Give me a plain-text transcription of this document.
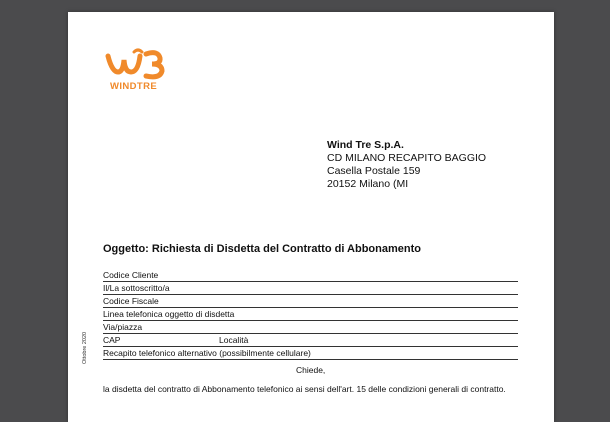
WINDTRE
Wind Tre S.p.A.
CD MILANO RECAPITO BAGGIO
Casella Postale 159
20152 Milano (MI
Oggetto: Richiesta di Disdetta del Contratto di Abbonamento
Codice Cliente
Il/La sottoscritto/a
Codice Fiscale
Linea telefonica oggetto di disdetta
Via/piazza
CAP	Località
Recapito telefonico alternativo (possibilmente cellulare)
Ottobre 2020
Chiede,
la disdetta del contratto di Abbonamento telefonico ai sensi dell'art. 15 delle condizioni generali di contratto.
